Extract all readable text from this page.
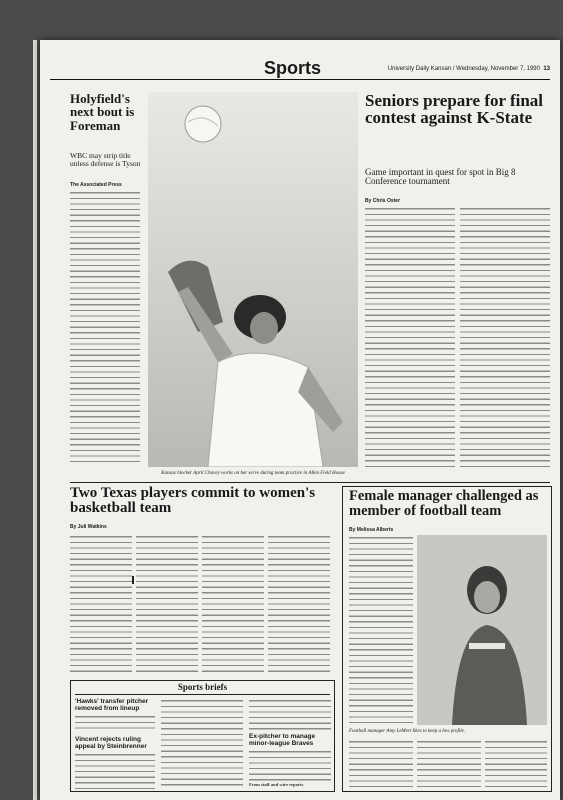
Sports	University Daily Kansan / Wednesday, November 7, 1990 13
Holyfield's next bout is Foreman
WBC may strip title unless defense is Tyson
The Associated Press
Kansas blocker April Chavey works on her serve during team practice in Allen Field House
Seniors prepare for final contest against K-State
Game important in quest for spot in Big 8 Conference tournament
By Chris Oster
Two Texas players commit to women's basketball team
By Juli Watkins
Sports briefs
'Hawks' transfer pitcher removed from lineup
Vincent rejects ruling appeal by Steinbrenner
Ex-pitcher to manage minor-league Braves
From staff and wire reports
Female manager challenged as member of football team
By Melissa Alberts
Football manager Amy LeMert likes to keep a low profile.
